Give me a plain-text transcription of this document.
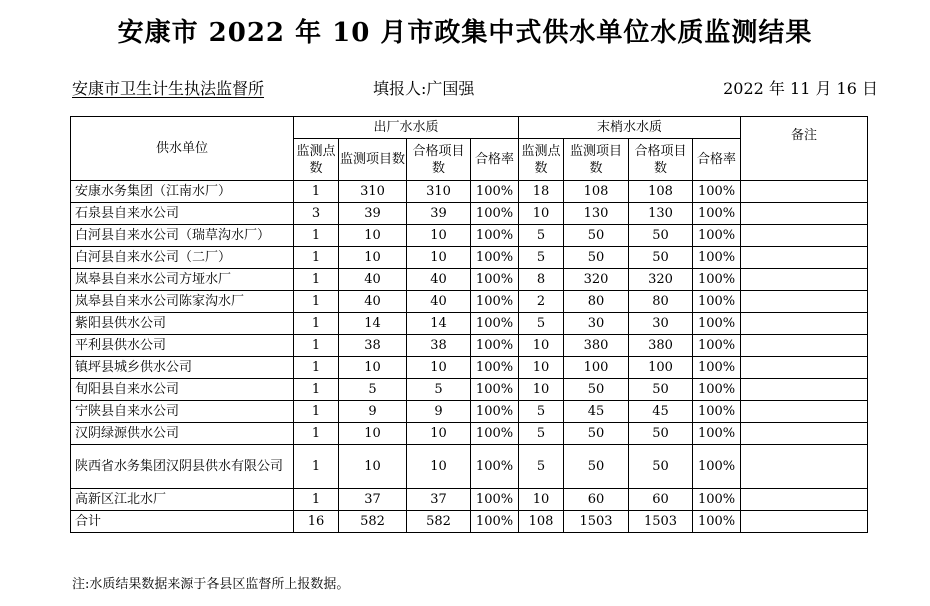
安康市 2022 年 10 月市政集中式供水单位水质监测结果
安康市卫生计生执法监督所	填报人:广国强	2022 年 11 月 16 日
供水单位	出厂水水质				末梢水水质				备注
	监测点数	监测项目数	合格项目数	合格率	监测点数	监测项目数	合格项目数	合格率	
安康水务集团（江南水厂）	1	310	310	100%	18	108	108	100%	
石泉县自来水公司	3	39	39	100%	10	130	130	100%	
白河县自来水公司（瑞草沟水厂）	1	10	10	100%	5	50	50	100%	
白河县自来水公司（二厂）	1	10	10	100%	5	50	50	100%	
岚皋县自来水公司方垭水厂	1	40	40	100%	8	320	320	100%	
岚皋县自来水公司陈家沟水厂	1	40	40	100%	2	80	80	100%	
紫阳县供水公司	1	14	14	100%	5	30	30	100%	
平利县供水公司	1	38	38	100%	10	380	380	100%	
镇坪县城乡供水公司	1	10	10	100%	10	100	100	100%	
旬阳县自来水公司	1	5	5	100%	10	50	50	100%	
宁陕县自来水公司	1	9	9	100%	5	45	45	100%	
汉阴绿源供水公司	1	10	10	100%	5	50	50	100%	
陕西省水务集团汉阴县供水有限公司	1	10	10	100%	5	50	50	100%	
高新区江北水厂	1	37	37	100%	10	60	60	100%	
合计	16	582	582	100%	108	1503	1503	100%	
注:水质结果数据来源于各县区监督所上报数据。
